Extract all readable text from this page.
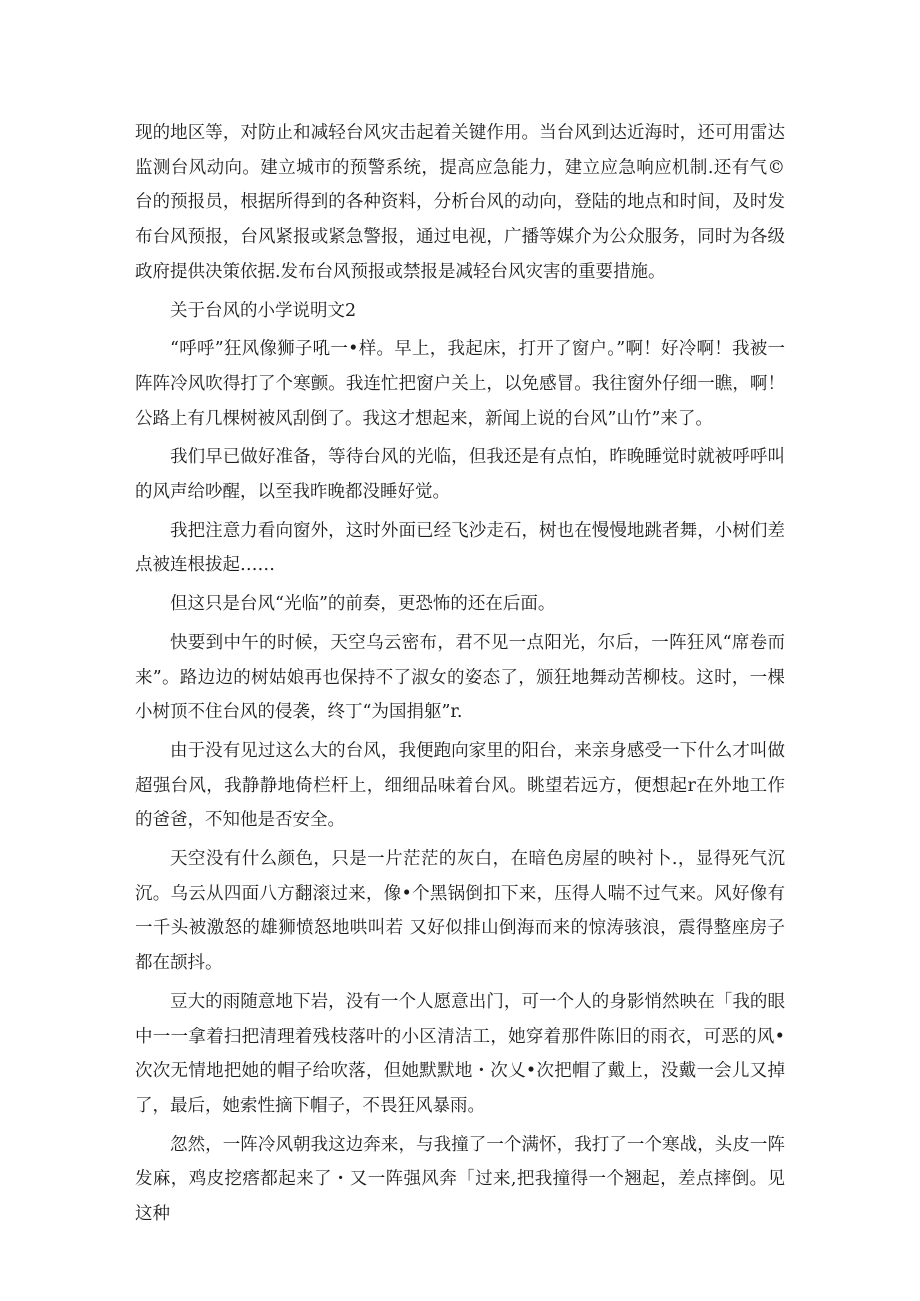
现的地区等，对防止和减轻台风灾击起着关键作用。当台风到达近海时，还可用雷达监测台风动向。建立城市的预警系统，提高应急能力，建立应急响应机制.还有气©台的预报员，根据所得到的各种资料，分析台风的动向，登陆的地点和时间，及时发布台风预报，台风紧报或紧急警报，通过电视，广播等媒介为公众服务，同时为各级政府提供决策依据.发布台风预报或禁报是减轻台风灾害的重要措施。

关于台风的小学说明文2

“呼呼”狂风像狮子吼一•样。早上，我起床，打开了窗户。”啊！好冷啊！我被一阵阵冷风吹得打了个寒颤。我连忙把窗户关上，以免感冒。我往窗外仔细一瞧，啊！公路上有几棵树被风刮倒了。我这才想起来，新闻上说的台风”山竹”来了。

我们早已做好准备，等待台风的光临，但我还是有点怕，昨晚睡觉时就被呼呼叫的风声给吵醒，以至我昨晚都没睡好觉。

我把注意力看向窗外，这时外面已经飞沙走石，树也在慢慢地跳者舞，小树们差点被连根拔起……

但这只是台风“光临”的前奏，更恐怖的还在后面。

快要到中午的时候，天空乌云密布，君不见一点阳光，尔后，一阵狂风“席卷而来”。路边边的树姑娘再也保持不了淑女的姿态了，颁狂地舞动苦柳枝。这时，一棵小树顶不住台风的侵袭，终丁“为国捐躯”r.

由于没有见过这么大的台风，我便跑向家里的阳台，来亲身感受一下什么才叫做超强台风，我静静地倚栏杆上，细细品味着台风。眺望若远方，便想起r在外地工作的爸爸，不知他是否安全。

天空没有什么颜色，只是一片茫茫的灰白，在暗色房屋的映衬卜.，显得死气沉沉。乌云从四面八方翻滚过来，像•个黑锅倒扣下来，压得人喘不过气来。风好像有一千头被激怒的雄狮愤怒地哄叫若 又好似排山倒海而来的惊涛骇浪，震得整座房子都在颉抖。

豆大的雨随意地下岩，没有一个人愿意出门，可一个人的身影悄然映在「我的眼中一一拿着扫把清理着残枝落叶的小区清洁工，她穿着那件陈旧的雨衣，可恶的风•次次无情地把她的帽子给吹落，但她默默地・次乂•次把帽了戴上，没戴一会儿又掉了，最后，她索性摘下帽子，不畏狂风暴雨。

忽然，一阵冷风朝我这边奔来，与我撞了一个满怀，我打了一个寒战，头皮一阵发麻，鸡皮挖瘩都起来了・又一阵强风奔「过来,把我撞得一个翘起，差点摔倒。见这种
